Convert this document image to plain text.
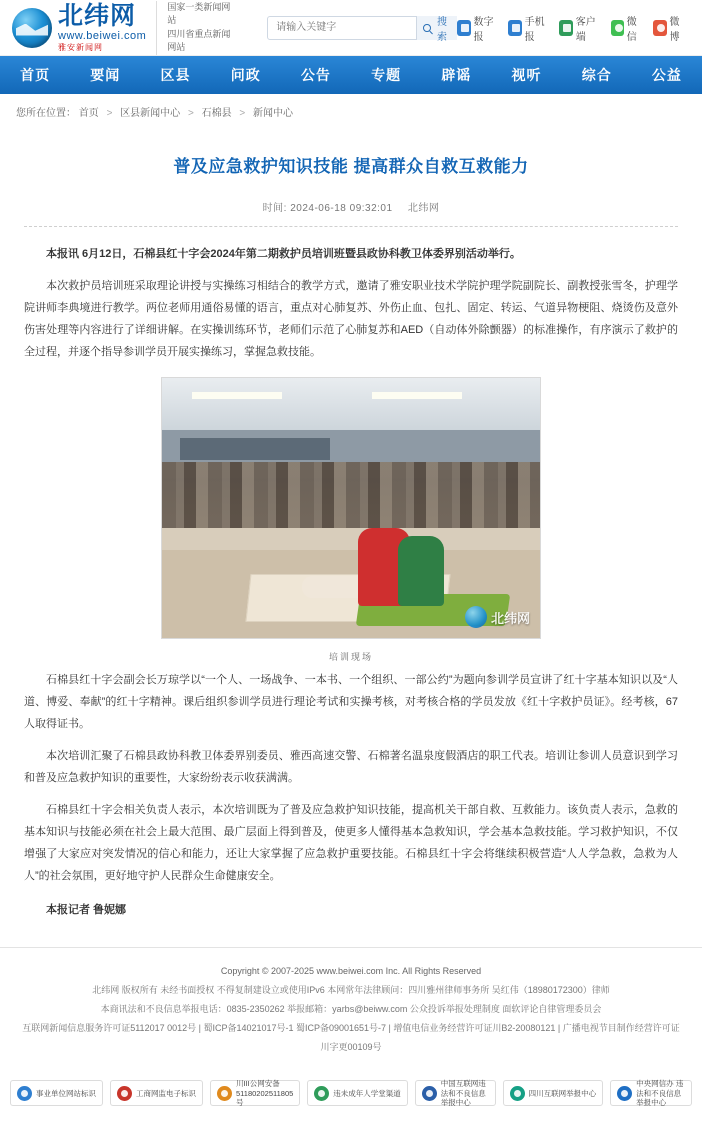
北纬网
www.beiwei.com
雅安新闻网
国家一类新闻网站
四川省重点新闻网站
请输入关键字
搜索
数字报
手机报
客户端
微信
微博
首页	要闻	区县	问政	公告	专题	辟谣	视听	综合	公益
您所在位置： 首页 > 区县新闻中心 > 石棉县 > 新闻中心
普及应急救护知识技能 提高群众自救互救能力
时间: 2024-06-18 09:32:01 北纬网

本报讯 6月12日，石棉县红十字会2024年第二期救护员培训班暨县政协科教卫体委界别活动举行。

本次救护员培训班采取理论讲授与实操练习相结合的教学方式，邀请了雅安职业技术学院护理学院副院长、副教授张雪冬，护理学院讲师李典境进行教学。两位老师用通俗易懂的语言，重点对心肺复苏、外伤止血、包扎、固定、转运、气道异物梗阻、烧烫伤及意外伤害处理等内容进行了详细讲解。在实操训练环节，老师们示范了心肺复苏和AED（自动体外除颤器）的标准操作，有序演示了救护的全过程，并逐个指导参训学员开展实操练习，掌握急救技能。

北纬网
培训现场

石棉县红十字会副会长万琼学以“一个人、一场战争、一本书、一个组织、一部公约”为题向参训学员宣讲了红十字基本知识以及“人道、博爱、奉献”的红十字精神。课后组织参训学员进行理论考试和实操考核，对考核合格的学员发放《红十字救护员证》。经考核，67人取得证书。

本次培训汇聚了石棉县政协科教卫体委界别委员、雅西高速交警、石棉著名温泉度假酒店的职工代表。培训让参训人员意识到学习和普及应急救护知识的重要性，大家纷纷表示收获满满。

石棉县红十字会相关负责人表示，本次培训既为了普及应急救护知识技能，提高机关干部自救、互救能力。该负责人表示，急救的基本知识与技能必须在社会上最大范围、最广层面上得到普及，使更多人懂得基本急救知识，学会基本急救技能。学习救护知识，不仅增强了大家应对突发情况的信心和能力，还让大家掌握了应急救护重要技能。石棉县红十字会将继续积极营造“人人学急救，急救为人人”的社会氛围，更好地守护人民群众生命健康安全。

本报记者 鲁妮娜

Copyright © 2007-2025 www.beiwei.com Inc. All Rights Reserved

北纬网 版权所有 未经书面授权 不得复制建设立或使用IPv6 本网常年法律顾问：四川雅州律师事务所 吴红伟（18980172300）律师

本商讯法和不良信息举报电话：0835-2350262 举报邮箱：yarbs@beiww.com 公众投诉举报处理制度 面软评论自律管理委员会

互联网新闻信息服务许可证5112017 0012号 | 蜀ICP备14021017号-1 蜀ICP备09001651号-7 | 增值电信业务经营许可证川B2-20080121 | 广播电视节目制作经营许可证川字更00109号

事业单位网站标识	工商网监电子标识
川III公网安备 51180202511805号
违未成年人学堂渠道
中国互联网违法和不良信息举报中心
四川互联网举报中心
中央网信办 违法和不良信息举报中心
